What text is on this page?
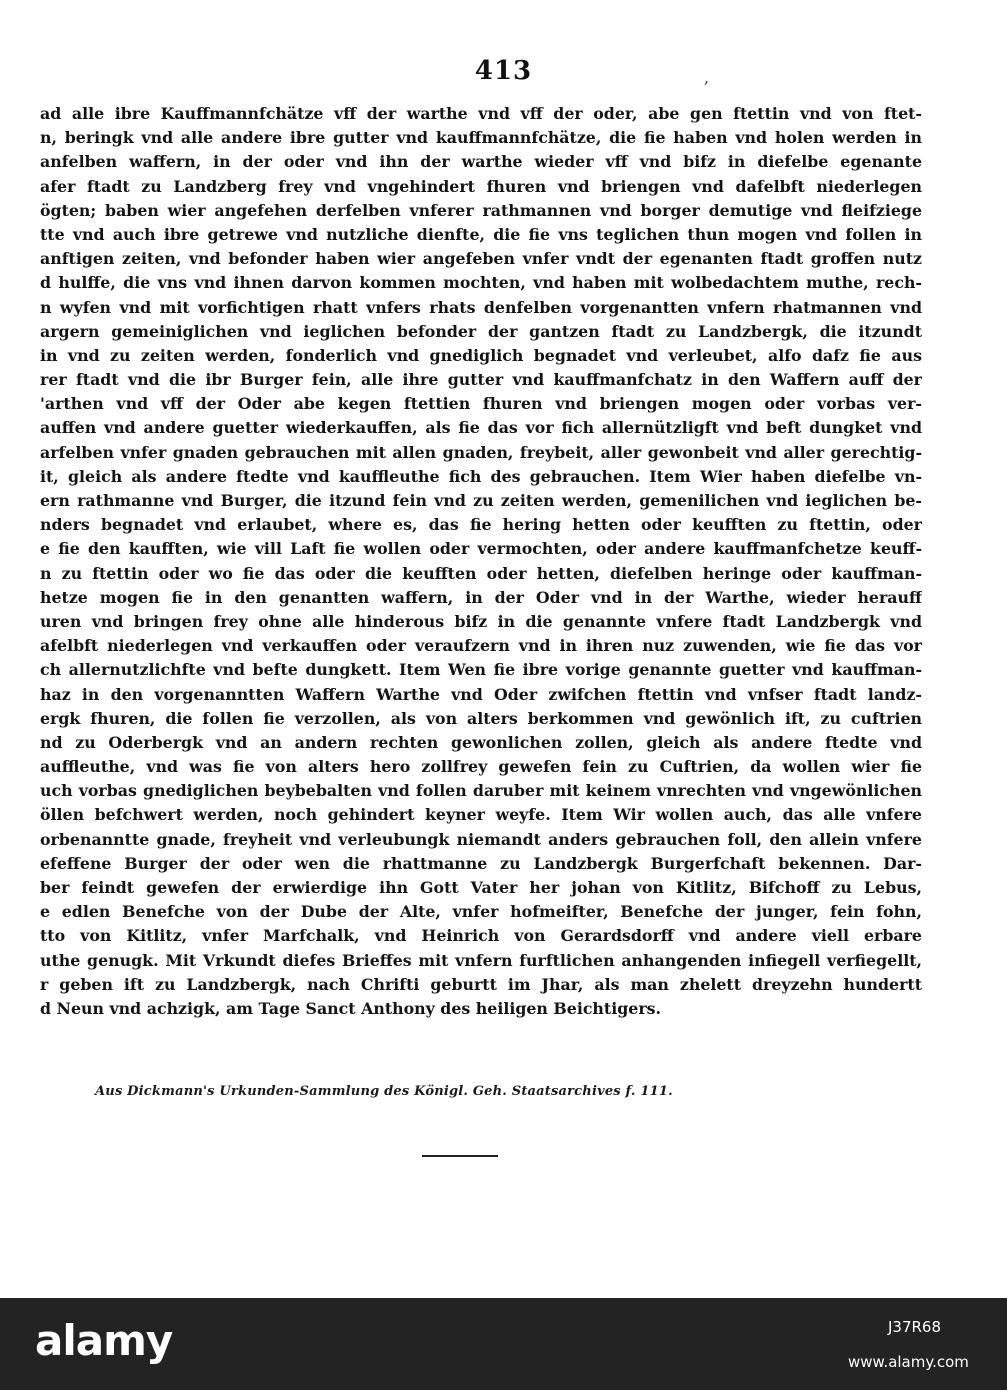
413	,
ad alle ibre Kauffmannfchätze vff der warthe vnd vff der oder, abe gen ftettin vnd von ftet-
n, beringk vnd alle andere ibre gutter vnd kauffmannfchätze, die fie haben vnd holen werden in
anfelben waffern, in der oder vnd ihn der warthe wieder vff vnd bifz in diefelbe egenante
afer ftadt zu Landzberg frey vnd vngehindert fhuren vnd briengen vnd dafelbft niederlegen
ögten; baben wier angefehen derfelben vnferer rathmannen vnd borger demutige vnd fleifziege
tte vnd auch ibre getrewe vnd nutzliche dienfte, die fie vns teglichen thun mogen vnd follen in
anftigen zeiten, vnd befonder haben wier angefeben vnfer vndt der egenanten ftadt groffen nutz
d hulffe, die vns vnd ihnen darvon kommen mochten, vnd haben mit wolbedachtem muthe, rech-
n wyfen vnd mit vorfichtigen rhatt vnfers rhats denfelben vorgenantten vnfern rhatmannen vnd
argern gemeiniglichen vnd ieglichen befonder der gantzen ftadt zu Landzbergk, die itzundt
in vnd zu zeiten werden, fonderlich vnd gnediglich begnadet vnd verleubet, alfo dafz fie aus
rer ftadt vnd die ibr Burger fein, alle ihre gutter vnd kauffmanfchatz in den Waffern auff der
'arthen vnd vff der Oder abe kegen ftettien fhuren vnd briengen mogen oder vorbas ver-
auffen vnd andere guetter wiederkauffen, als fie das vor fich allernützligft vnd beft dungket vnd
arfelben vnfer gnaden gebrauchen mit allen gnaden, freybeit, aller gewonbeit vnd aller gerechtig-
it, gleich als andere ftedte vnd kauffleuthe fich des gebrauchen. Item Wier haben diefelbe vn-
ern rathmanne vnd Burger, die itzund fein vnd zu zeiten werden, gemenilichen vnd ieglichen be-
nders begnadet vnd erlaubet, where es, das fie hering hetten oder keufften zu ftettin, oder
e fie den kaufften, wie vill Laft fie wollen oder vermochten, oder andere kauffmanfchetze keuff-
n zu ftettin oder wo fie das oder die keufften oder hetten, diefelben heringe oder kauffman-
hetze mogen fie in den genantten waffern, in der Oder vnd in der Warthe, wieder herauff
uren vnd bringen frey ohne alle hinderous bifz in die genannte vnfere ftadt Landzbergk vnd
afelbft niederlegen vnd verkauffen oder veraufzern vnd in ihren nuz zuwenden, wie fie das vor
ch allernutzlichfte vnd befte dungkett. Item Wen fie ibre vorige genannte guetter vnd kauffman-
haz in den vorgenanntten Waffern Warthe vnd Oder zwifchen ftettin vnd vnfser ftadt landz-
ergk fhuren, die follen fie verzollen, als von alters berkommen vnd gewönlich ift, zu cuftrien
nd zu Oderbergk vnd an andern rechten gewonlichen zollen, gleich als andere ftedte vnd
auffleuthe, vnd was fie von alters hero zollfrey gewefen fein zu Cuftrien, da wollen wier fie
uch vorbas gnediglichen beybebalten vnd follen daruber mit keinem vnrechten vnd vngewönlichen
öllen befchwert werden, noch gehindert keyner weyfe. Item Wir wollen auch, das alle vnfere
orbenanntte gnade, freyheit vnd verleubungk niemandt anders gebrauchen foll, den allein vnfere
efeffene Burger der oder wen die rhattmanne zu Landzbergk Burgerfchaft bekennen. Dar-
ber feindt gewefen der erwierdige ihn Gott Vater her johan von Kitlitz, Bifchoff zu Lebus,
e edlen Benefche von der Dube der Alte, vnfer hofmeifter, Benefche der junger, fein fohn,
tto von Kitlitz, vnfer Marfchalk, vnd Heinrich von Gerardsdorff vnd andere viell erbare
uthe genugk. Mit Vrkundt diefes Brieffes mit vnfern furftlichen anhangenden infiegell verfiegellt,
r geben ift zu Landzbergk, nach Chrifti geburtt im Jhar, als man zhelett dreyzehn hundertt
d Neun vnd achzigk, am Tage Sanct Anthony des heiligen Beichtigers.
Aus Dickmann's Urkunden-Sammlung des Königl. Geh. Staatsarchives f. 111.
alamy	J37R68
www.alamy.com
